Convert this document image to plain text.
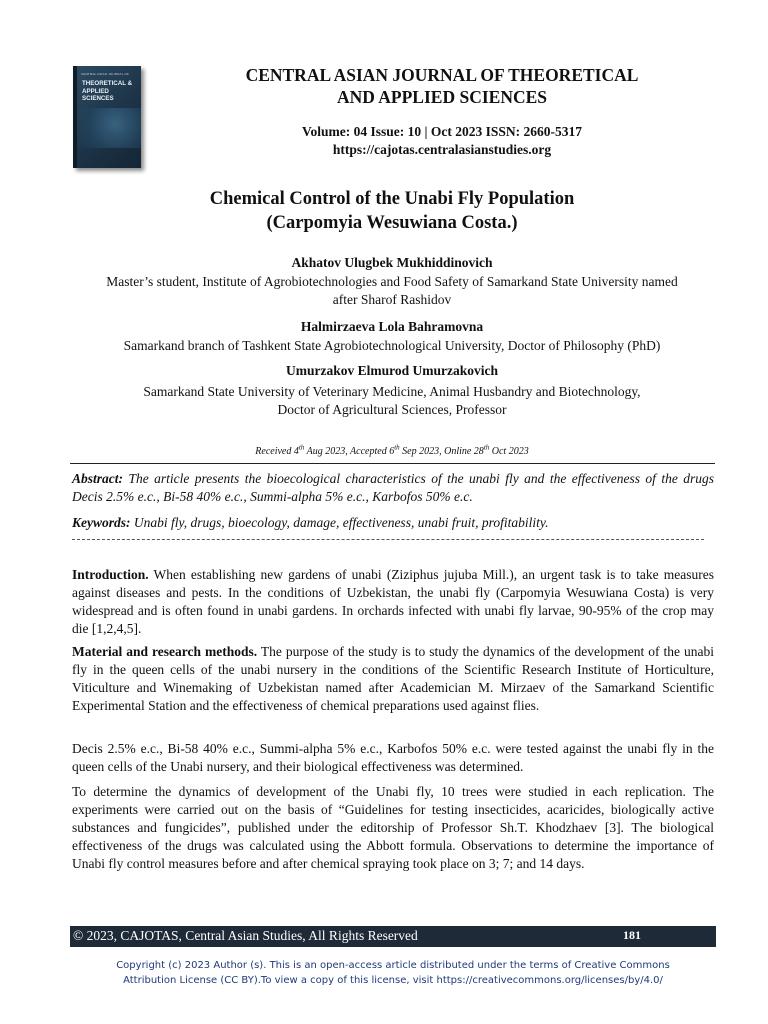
CENTRAL ASIAN JOURNAL OF
THEORETICAL & APPLIED SCIENCES
CENTRAL ASIAN JOURNAL OF THEORETICAL
AND APPLIED SCIENCES
Volume: 04 Issue: 10 | Oct 2023 ISSN: 2660-5317
https://cajotas.centralasianstudies.org
Chemical Control of the Unabi Fly Population
(Carpomyia Wesuwiana Costa.)
Akhatov Ulugbek Mukhiddinovich
Master’s student, Institute of Agrobiotechnologies and Food Safety of Samarkand State University named
after Sharof Rashidov
Halmirzaeva Lola Bahramovna
Samarkand branch of Tashkent State Agrobiotechnological University, Doctor of Philosophy (PhD)
Umurzakov Elmurod Umurzakovich
Samarkand State University of Veterinary Medicine, Animal Husbandry and Biotechnology,
Doctor of Agricultural Sciences, Professor
Received 4th Aug 2023, Accepted 6th Sep 2023, Online 28th Oct 2023
Abstract: The article presents the bioecological characteristics of the unabi fly and the effectiveness of the drugs Decis 2.5% e.c., Bi-58 40% e.c., Summi-alpha 5% e.c., Karbofos 50% e.c.
Keywords: Unabi fly, drugs, bioecology, damage, effectiveness, unabi fruit, profitability.
Introduction. When establishing new gardens of unabi (Ziziphus jujuba Mill.), an urgent task is to take measures against diseases and pests. In the conditions of Uzbekistan, the unabi fly (Carpomyia Wesuwiana Costa) is very widespread and is often found in unabi gardens. In orchards infected with unabi fly larvae, 90-95% of the crop may die [1,2,4,5].
Material and research methods. The purpose of the study is to study the dynamics of the development of the unabi fly in the queen cells of the unabi nursery in the conditions of the Scientific Research Institute of Horticulture, Viticulture and Winemaking of Uzbekistan named after Academician M. Mirzaev of the Samarkand Scientific Experimental Station and the effectiveness of chemical preparations used against flies.
Decis 2.5% e.c., Bi-58 40% e.c., Summi-alpha 5% e.c., Karbofos 50% e.c. were tested against the unabi fly in the queen cells of the Unabi nursery, and their biological effectiveness was determined.
To determine the dynamics of development of the Unabi fly, 10 trees were studied in each replication. The experiments were carried out on the basis of “Guidelines for testing insecticides, acaricides, biologically active substances and fungicides”, published under the editorship of Professor Sh.T. Khodzhaev [3]. The biological effectiveness of the drugs was calculated using the Abbott formula. Observations to determine the importance of Unabi fly control measures before and after chemical spraying took place on 3; 7; and 14 days.
© 2023, CAJOTAS, Central Asian Studies, All Rights Reserved	181
Copyright (c) 2023 Author (s). This is an open-access article distributed under the terms of Creative Commons
Attribution License (CC BY).To view a copy of this license, visit https://creativecommons.org/licenses/by/4.0/
